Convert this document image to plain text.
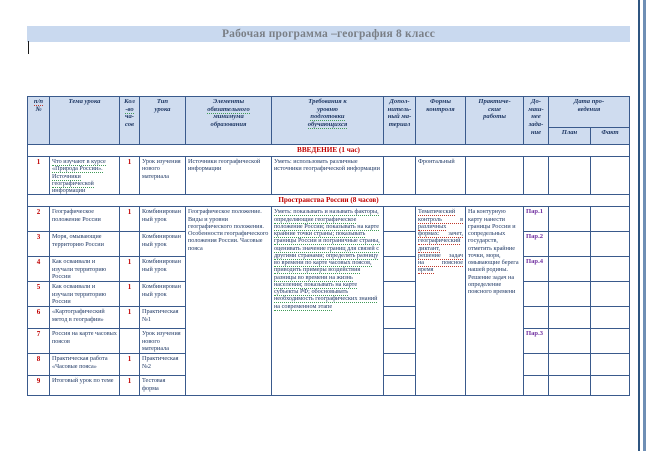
Рабочая программа –география 8 класс
п/п
№	Тема урока	Кол
-во
ча-
сов	Тип
урока	Элементы
обязательного
минимума
образования	Требования к
уровню
подготовки
обучающихся	Допол-
нитель-
ный ма-
териал	Формы
контроля	Практиче-
ские
работы	До-
маш-
нее
зада-
ние	Дата про-
ведения	
										План	Факт
ВВЕДЕНИЕ (1 час)											
1	Что изучают в курсе «Природа России». Источники географической информации	1	Урок изучения нового материала	Источники географической информации	Уметь: использовать различные источники географической информации		Фронтальный				
Пространства России (8 часов)											
2	Географическое положение России	1	Комбинированный урок	Географическое положение. Виды и уровни географического положения. Особенности географического положения России. Часовые пояса	Уметь: показывать и называть факторы, определяющие географическое положение России; показывать на карте крайние точки страны; показывать границы России и пограничные страны, оценивать значение границ для связей с другими странами; определять разницу во времени по карте часовых поясов, приводить примеры воздействия разницы во времени на жизнь населения; показывать на карте субъекты РФ; обосновывать необходимость географических знаний на современном этапе		Тематический контроль в различных формах: зачет, географический диктант, решение задач на поясное время	На контурную карту нанести границы России и сопредельных государств, отметить крайние точки, моря, омывающие берега нашей родины. Решение задач на определение поясного времени	Пар.1		
3	Моря, омывающие территорию России		Комбинированный урок						Пар.2		
4	Как осваивали и изучали территорию России	1	Комбинированный урок						Пар.4		
5	Как осваивали и изучали территорию России	1	Комбинированный урок								
6	«Картографический метод в географии»	1	Практическая №1								
7	Россия на карте часовых поясов		Урок изучения нового материала						Пар.3		
8	Практическая работа «Часовые пояса»	1	Практическая №2								
9	Итоговый урок по теме	1	Тестовая форма								
